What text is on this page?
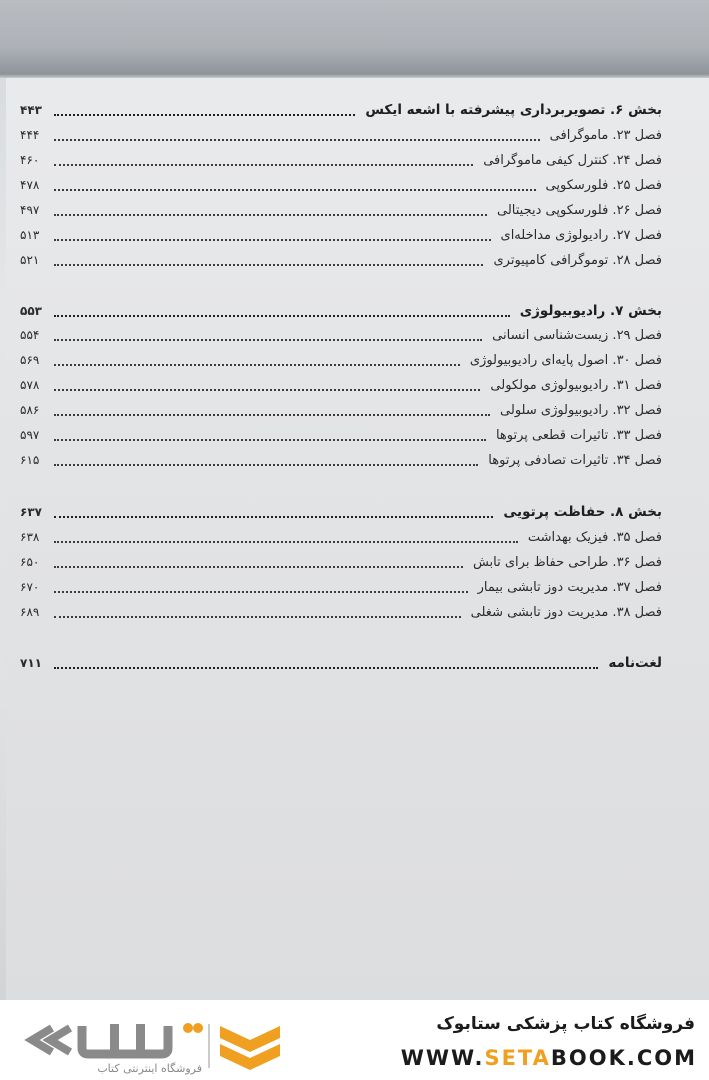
بخش ۶. تصویربرداری پیشرفته با اشعه ایکس
۴۴۳
فصل ۲۳. ماموگرافی
۴۴۴
فصل ۲۴. کنترل کیفی ماموگرافی
۴۶۰
فصل ۲۵. فلورسکوپی
۴۷۸
فصل ۲۶. فلورسکوپی دیجیتالی
۴۹۷
فصل ۲۷. رادیولوژی مداخله‌ای
۵۱۳
فصل ۲۸. توموگرافی کامپیوتری
۵۲۱
بخش ۷. رادیوبیولوژی
۵۵۳
فصل ۲۹. زیست‌شناسی انسانی
۵۵۴
فصل ۳۰. اصول پایه‌ای رادیوبیولوژی
۵۶۹
فصل ۳۱. رادیوبیولوژی مولکولی
۵۷۸
فصل ۳۲. رادیوبیولوژی سلولی
۵۸۶
فصل ۳۳. تاثیرات قطعی پرتوها
۵۹۷
فصل ۳۴. تاثیرات تصادفی پرتوها
۶۱۵
بخش ۸. حفاظت پرتویی
۶۳۷
فصل ۳۵. فیزیک بهداشت
۶۳۸
فصل ۳۶. طراحی حفاظ برای تابش
۶۵۰
فصل ۳۷. مدیریت دوز تابشی بیمار
۶۷۰
فصل ۳۸. مدیریت دوز تابشی شغلی
۶۸۹
لغت‌نامه
۷۱۱
فروشگاه اینترنتی کتاب
فروشگاه کتاب پزشکی ستابوک
WWW.SETABOOK.COM
